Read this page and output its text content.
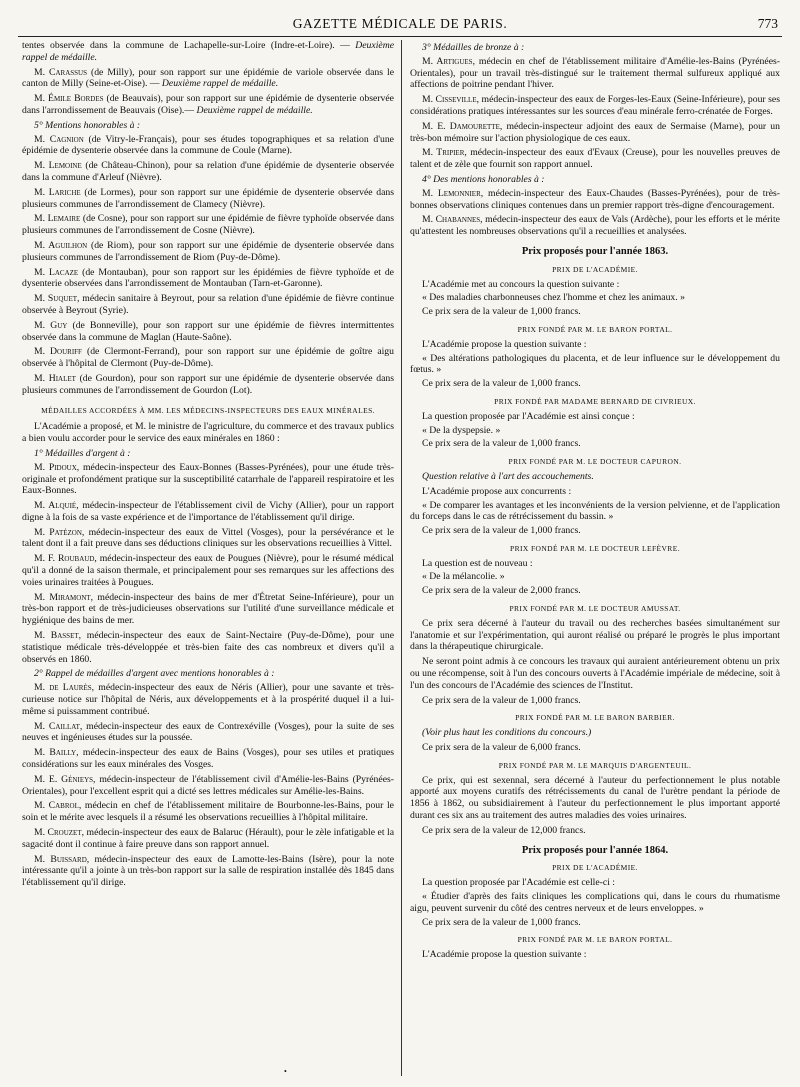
GAZETTE MÉDICALE DE PARIS.	773

tentes observée dans la commune de Lachapelle-sur-Loire (Indre-et-Loire). — Deuxième rappel de médaille.

M. Carassus (de Milly), pour son rapport sur une épidémie de variole observée dans le canton de Milly (Seine-et-Oise). — Deuxième rappel de médaille.

M. Émile Bordes (de Beauvais), pour son rapport sur une épidémie de dysenterie observée dans l'arrondissement de Beauvais (Oise).— Deuxième rappel de médaille.

5° Mentions honorables à :

M. Cagnion (de Vitry-le-Français), pour ses études topographiques et sa relation d'une épidémie de dysenterie observée dans la commune de Coule (Marne).

M. Lemoine (de Château-Chinon), pour sa relation d'une épidémie de dysenterie observée dans la commune d'Arleuf (Nièvre).

M. Lariche (de Lormes), pour son rapport sur une épidémie de dysenterie observée dans plusieurs communes de l'arrondissement de Clamecy (Nièvre).

M. Lemaire (de Cosne), pour son rapport sur une épidémie de fièvre typhoïde observée dans plusieurs communes de l'arrondissement de Cosne (Nièvre).

M. Aguilhon (de Riom), pour son rapport sur une épidémie de dysenterie observée dans plusieurs communes de l'arrondissement de Riom (Puy-de-Dôme).

M. Lacaze (de Montauban), pour son rapport sur les épidémies de fièvre typhoïde et de dysenterie observées dans l'arrondissement de Montauban (Tarn-et-Garonne).

M. Suquet, médecin sanitaire à Beyrout, pour sa relation d'une épidémie de fièvre continue observée à Beyrout (Syrie).

M. Guy (de Bonneville), pour son rapport sur une épidémie de fièvres intermittentes observée dans la commune de Maglan (Haute-Saône).

M. Douriff (de Clermont-Ferrand), pour son rapport sur une épidémie de goître aigu observée à l'hôpital de Clermont (Puy-de-Dôme).

M. Hialet (de Gourdon), pour son rapport sur une épidémie de dysenterie observée dans plusieurs communes de l'arrondissement de Gourdon (Lot).

MÉDAILLES ACCORDÉES À MM. LES MÉDECINS-INSPECTEURS DES EAUX MINÉRALES.

L'Académie a proposé, et M. le ministre de l'agriculture, du commerce et des travaux publics a bien voulu accorder pour le service des eaux minérales en 1860 :

1° Médailles d'argent à :

M. Pidoux, médecin-inspecteur des Eaux-Bonnes (Basses-Pyrénées), pour une étude très-originale et profondément pratique sur la susceptibilité catarrhale de l'appareil respiratoire et les Eaux-Bonnes.

M. Alquié, médecin-inspecteur de l'établissement civil de Vichy (Allier), pour un rapport digne à la fois de sa vaste expérience et de l'importance de l'établissement qu'il dirige.

M. Patézon, médecin-inspecteur des eaux de Vittel (Vosges), pour la persévérance et le talent dont il a fait preuve dans ses déductions cliniques sur les observations recueillies à Vittel.

M. F. Roubaud, médecin-inspecteur des eaux de Pougues (Nièvre), pour le résumé médical qu'il a donné de la saison thermale, et principalement pour ses remarques sur les affections des voies urinaires traitées à Pougues.

M. Miramont, médecin-inspecteur des bains de mer d'Étretat Seine-Inférieure), pour un très-bon rapport et de très-judicieuses observations sur l'utilité d'une surveillance médicale et hygiénique des bains de mer.

M. Basset, médecin-inspecteur des eaux de Saint-Nectaire (Puy-de-Dôme), pour une statistique médicale très-développée et très-bien faite des cas nombreux et divers qu'il a observés en 1860.

2° Rappel de médailles d'argent avec mentions honorables à :

M. de Laurès, médecin-inspecteur des eaux de Néris (Allier), pour une savante et très-curieuse notice sur l'hôpital de Néris, aux développements et à la prospérité duquel il a lui-même si puissamment contribué.

M. Caillat, médecin-inspecteur des eaux de Contrexéville (Vosges), pour la suite de ses neuves et ingénieuses études sur la poussée.

M. Bailly, médecin-inspecteur des eaux de Bains (Vosges), pour ses utiles et pratiques considérations sur les eaux minérales des Vosges.

M. E. Génieys, médecin-inspecteur de l'établissement civil d'Amélie-les-Bains (Pyrénées-Orientales), pour l'excellent esprit qui a dicté ses lettres médicales sur Amélie-les-Bains.

M. Cabrol, médecin en chef de l'établissement militaire de Bourbonne-les-Bains, pour le soin et le mérite avec lesquels il a résumé les observations recueillies à l'hôpital militaire.

M. Crouzet, médecin-inspecteur des eaux de Balaruc (Hérault), pour le zèle infatigable et la sagacité dont il continue à faire preuve dans son rapport annuel.

M. Buissard, médecin-inspecteur des eaux de Lamotte-les-Bains (Isère), pour la note intéressante qu'il a jointe à un très-bon rapport sur la salle de respiration installée dès 1845 dans l'établissement qu'il dirige.

3° Médailles de bronze à :

M. Artigues, médecin en chef de l'établissement militaire d'Amélie-les-Bains (Pyrénées-Orientales), pour un travail très-distingué sur le traitement thermal sulfureux appliqué aux affections de poitrine pendant l'hiver.

M. Cisseville, médecin-inspecteur des eaux de Forges-les-Eaux (Seine-Inférieure), pour ses considérations pratiques intéressantes sur les sources d'eau minérale ferro-crénatée de Forges.

M. E. Damourette, médecin-inspecteur adjoint des eaux de Sermaise (Marne), pour un très-bon mémoire sur l'action physiologique de ces eaux.

M. Tripier, médecin-inspecteur des eaux d'Evaux (Creuse), pour les nouvelles preuves de talent et de zèle que fournit son rapport annuel.

4° Des mentions honorables à :

M. Lemonnier, médecin-inspecteur des Eaux-Chaudes (Basses-Pyrénées), pour de très-bonnes observations cliniques contenues dans un premier rapport très-digne d'encouragement.

M. Chabannes, médecin-inspecteur des eaux de Vals (Ardèche), pour les efforts et le mérite qu'attestent les nombreuses observations qu'il a recueillies et analysées.

Prix proposés pour l'année 1863.
PRIX DE L'ACADÉMIE.
L'Académie met au concours la question suivante :
« Des maladies charbonneuses chez l'homme et chez les animaux. »
Ce prix sera de la valeur de 1,000 francs.
PRIX FONDÉ PAR M. LE BARON PORTAL.
L'Académie propose la question suivante :
« Des altérations pathologiques du placenta, et de leur influence sur le développement du fœtus. »
Ce prix sera de la valeur de 1,000 francs.
PRIX FONDÉ PAR MADAME BERNARD DE CIVRIEUX.
La question proposée par l'Académie est ainsi conçue :
« De la dyspepsie. »
Ce prix sera de la valeur de 1,000 francs.
PRIX FONDÉ PAR M. LE DOCTEUR CAPURON.
Question relative à l'art des accouchements.
L'Académie propose aux concurrents :
« De comparer les avantages et les inconvénients de la version pelvienne, et de l'application du forceps dans le cas de rétrécissement du bassin. »
Ce prix sera de la valeur de 1,000 francs.
PRIX FONDÉ PAR M. LE DOCTEUR LEFÈVRE.
La question est de nouveau :
« De la mélancolie. »
Ce prix sera de la valeur de 2,000 francs.
PRIX FONDÉ PAR M. LE DOCTEUR AMUSSAT.

Ce prix sera décerné à l'auteur du travail ou des recherches basées simultanément sur l'anatomie et sur l'expérimentation, qui auront réalisé ou préparé le progrès le plus important dans la thérapeutique chirurgicale.

Ne seront point admis à ce concours les travaux qui auraient antérieurement obtenu un prix ou une récompense, soit à l'un des concours ouverts à l'Académie impériale de médecine, soit à l'un des concours de l'Académie des sciences de l'Institut.

Ce prix sera de la valeur de 1,000 francs.
PRIX FONDÉ PAR M. LE BARON BARBIER.
(Voir plus haut les conditions du concours.)
Ce prix sera de la valeur de 6,000 francs.
PRIX FONDÉ PAR M. LE MARQUIS D'ARGENTEUIL.

Ce prix, qui est sexennal, sera décerné à l'auteur du perfectionnement le plus notable apporté aux moyens curatifs des rétrécissements du canal de l'urètre pendant la période de 1856 à 1862, ou subsidiairement à l'auteur du perfectionnement le plus important apporté durant ces six ans au traitement des autres maladies des voies urinaires.

Ce prix sera de la valeur de 12,000 francs.
Prix proposés pour l'année 1864.
PRIX DE L'ACADÉMIE.
La question proposée par l'Académie est celle-ci :
« Étudier d'après des faits cliniques les complications qui, dans le cours du rhumatisme aigu, peuvent survenir du côté des centres nerveux et de leurs enveloppes. »
Ce prix sera de la valeur de 1,000 francs.
PRIX FONDÉ PAR M. LE BARON PORTAL.
L'Académie propose la question suivante :
•
